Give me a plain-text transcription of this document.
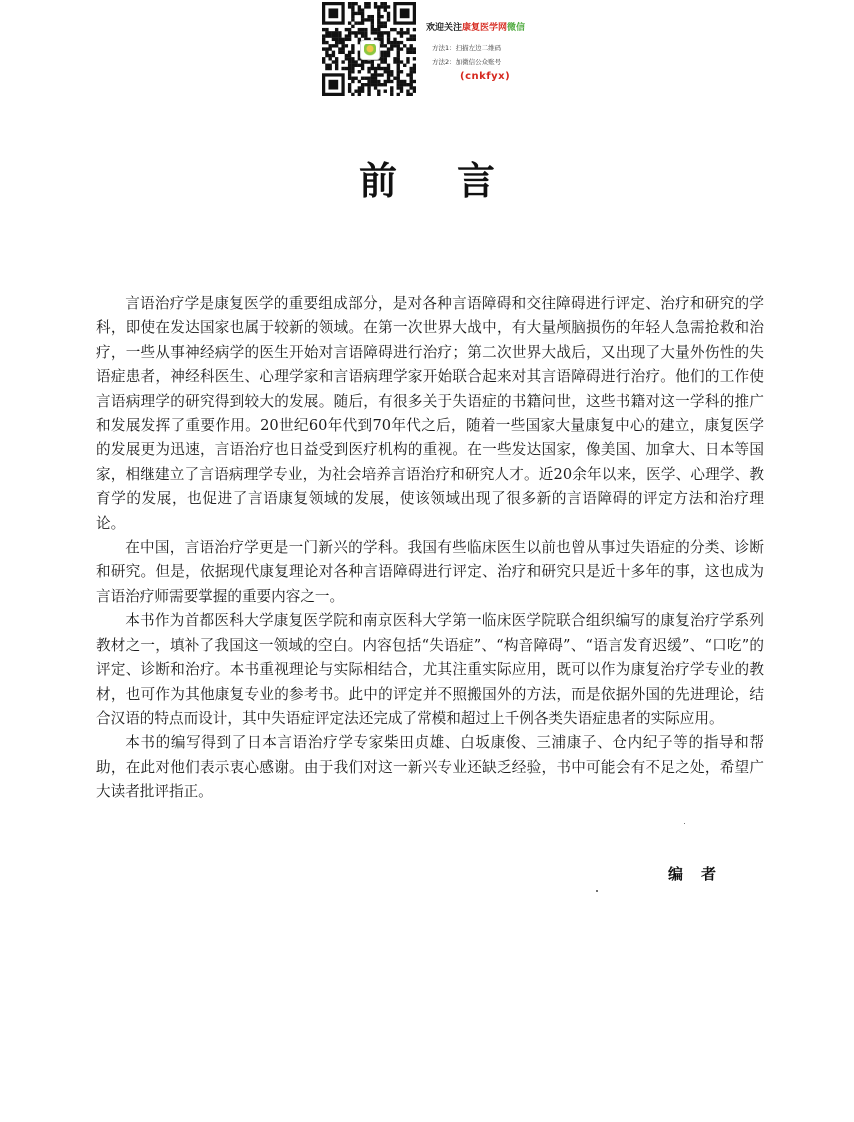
欢迎关注康复医学网微信
方法1：扫描左边二维码
方法2：加微信公众账号
(cnkfyx)
前言

言语治疗学是康复医学的重要组成部分，是对各种言语障碍和交往障碍进行评定、治疗和研究的学科，即使在发达国家也属于较新的领域。在第一次世界大战中，有大量颅脑损伤的年轻人急需抢救和治疗，一些从事神经病学的医生开始对言语障碍进行治疗；第二次世界大战后，又出现了大量外伤性的失语症患者，神经科医生、心理学家和言语病理学家开始联合起来对其言语障碍进行治疗。他们的工作使言语病理学的研究得到较大的发展。随后，有很多关于失语症的书籍问世，这些书籍对这一学科的推广和发展发挥了重要作用。20世纪60年代到70年代之后，随着一些国家大量康复中心的建立，康复医学的发展更为迅速，言语治疗也日益受到医疗机构的重视。在一些发达国家，像美国、加拿大、日本等国家，相继建立了言语病理学专业，为社会培养言语治疗和研究人才。近20余年以来，医学、心理学、教育学的发展，也促进了言语康复领域的发展，使该领域出现了很多新的言语障碍的评定方法和治疗理论。

在中国，言语治疗学更是一门新兴的学科。我国有些临床医生以前也曾从事过失语症的分类、诊断和研究。但是，依据现代康复理论对各种言语障碍进行评定、治疗和研究只是近十多年的事，这也成为言语治疗师需要掌握的重要内容之一。

本书作为首都医科大学康复医学院和南京医科大学第一临床医学院联合组织编写的康复治疗学系列教材之一，填补了我国这一领域的空白。内容包括“失语症”、“构音障碍”、“语言发育迟缓”、“口吃”的评定、诊断和治疗。本书重视理论与实际相结合，尤其注重实际应用，既可以作为康复治疗学专业的教材，也可作为其他康复专业的参考书。此中的评定并不照搬国外的方法，而是依据外国的先进理论，结合汉语的特点而设计，其中失语症评定法还完成了常模和超过上千例各类失语症患者的实际应用。

本书的编写得到了日本言语治疗学专家柴田贞雄、白坂康俊、三浦康子、仓内纪子等的指导和帮助，在此对他们表示衷心感谢。由于我们对这一新兴专业还缺乏经验，书中可能会有不足之处，希望广大读者批评指正。

编者
